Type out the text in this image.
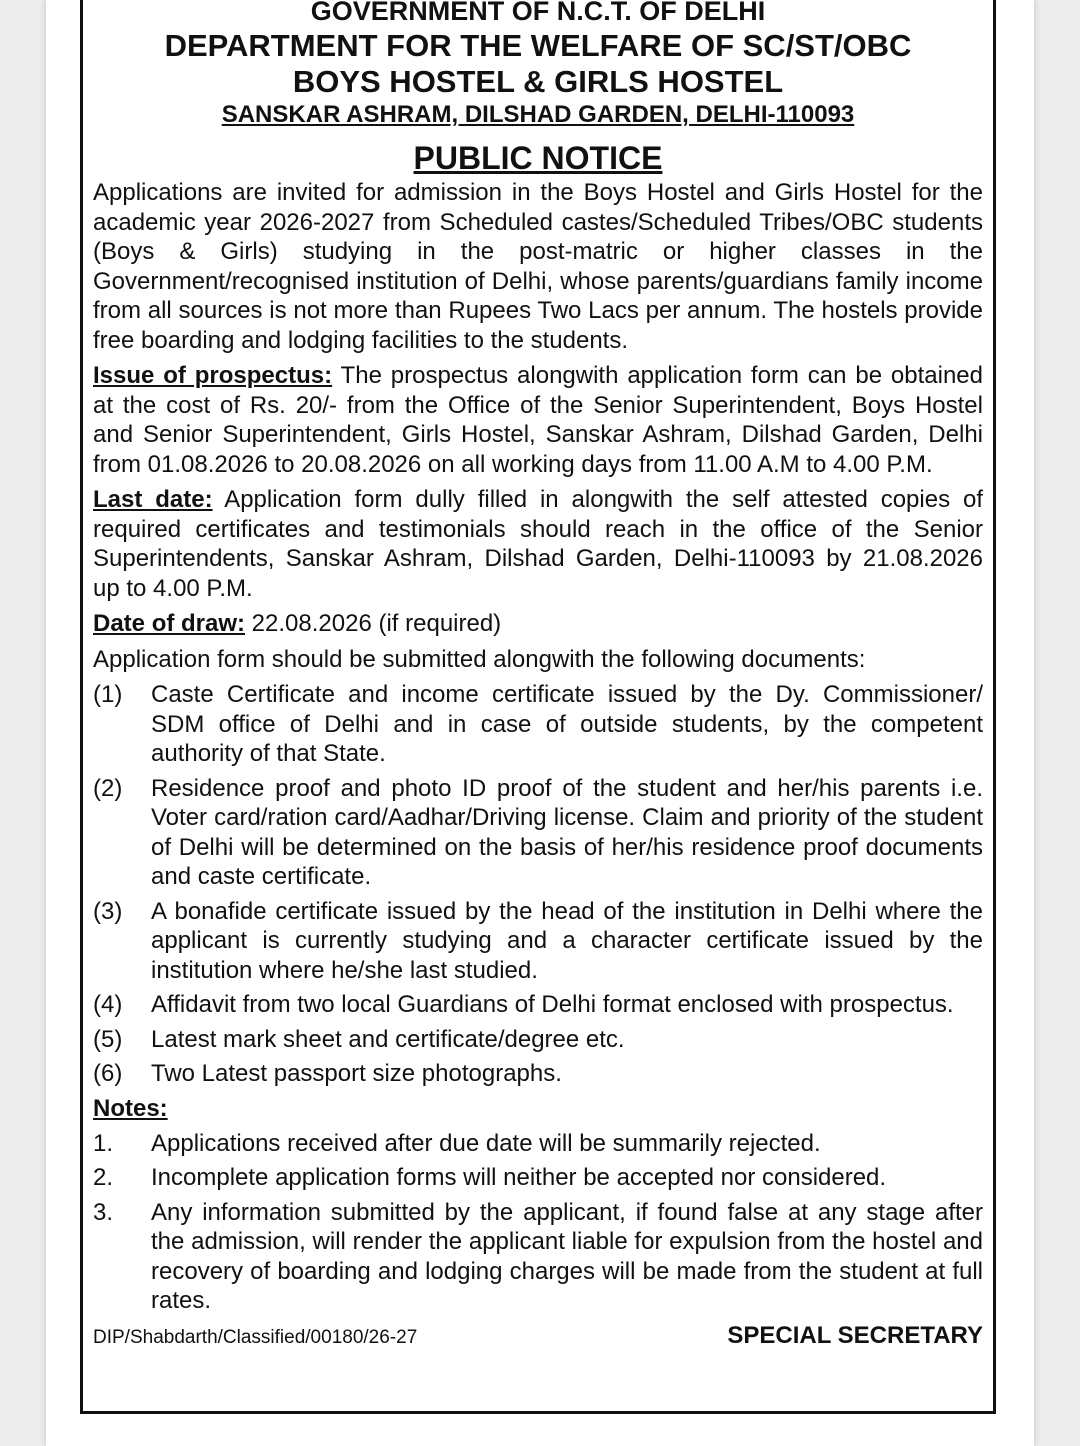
GOVERNMENT OF N.C.T. OF DELHI
DEPARTMENT FOR THE WELFARE OF SC/ST/OBC
BOYS HOSTEL & GIRLS HOSTEL
SANSKAR ASHRAM, DILSHAD GARDEN, DELHI-110093
PUBLIC NOTICE

Applications are invited for admission in the Boys Hostel and Girls Hostel for the academic year 2026-2027 from Scheduled castes/Scheduled Tribes/OBC students (Boys & Girls) studying in the post-matric or higher classes in the Government/recognised institution of Delhi, whose parents/guardians family income from all sources is not more than Rupees Two Lacs per annum. The hostels provide free boarding and lodging facilities to the students.

Issue of prospectus: The prospectus alongwith application form can be obtained at the cost of Rs. 20/- from the Office of the Senior Superintendent, Boys Hostel and Senior Superintendent, Girls Hostel, Sanskar Ashram, Dilshad Garden, Delhi from 01.08.2026 to 20.08.2026 on all working days from 11.00 A.M to 4.00 P.M.

Last date: Application form dully filled in alongwith the self attested copies of required certificates and testimonials should reach in the office of the Senior Superintendents, Sanskar Ashram, Dilshad Garden, Delhi-110093 by 21.08.2026 up to 4.00 P.M.

Date of draw: 22.08.2026 (if required)

Application form should be submitted alongwith the following documents:

(1)	Caste Certificate and income certificate issued by the Dy. Commissioner/ SDM office of Delhi and in case of outside students, by the competent authority of that State.
(2)	Residence proof and photo ID proof of the student and her/his parents i.e. Voter card/ration card/Aadhar/Driving license. Claim and priority of the student of Delhi will be determined on the basis of her/his residence proof documents and caste certificate.
(3)	A bonafide certificate issued by the head of the institution in Delhi where the applicant is currently studying and a character certificate issued by the institution where he/she last studied.
(4)	Affidavit from two local Guardians of Delhi format enclosed with prospectus.
(5)	Latest mark sheet and certificate/degree etc.
(6)	Two Latest passport size photographs.
Notes:
1.	Applications received after due date will be summarily rejected.
2.	Incomplete application forms will neither be accepted nor considered.
3.	Any information submitted by the applicant, if found false at any stage after the admission, will render the applicant liable for expulsion from the hostel and recovery of boarding and lodging charges will be made from the student at full rates.
DIP/Shabdarth/Classified/00180/26-27	SPECIAL SECRETARY
